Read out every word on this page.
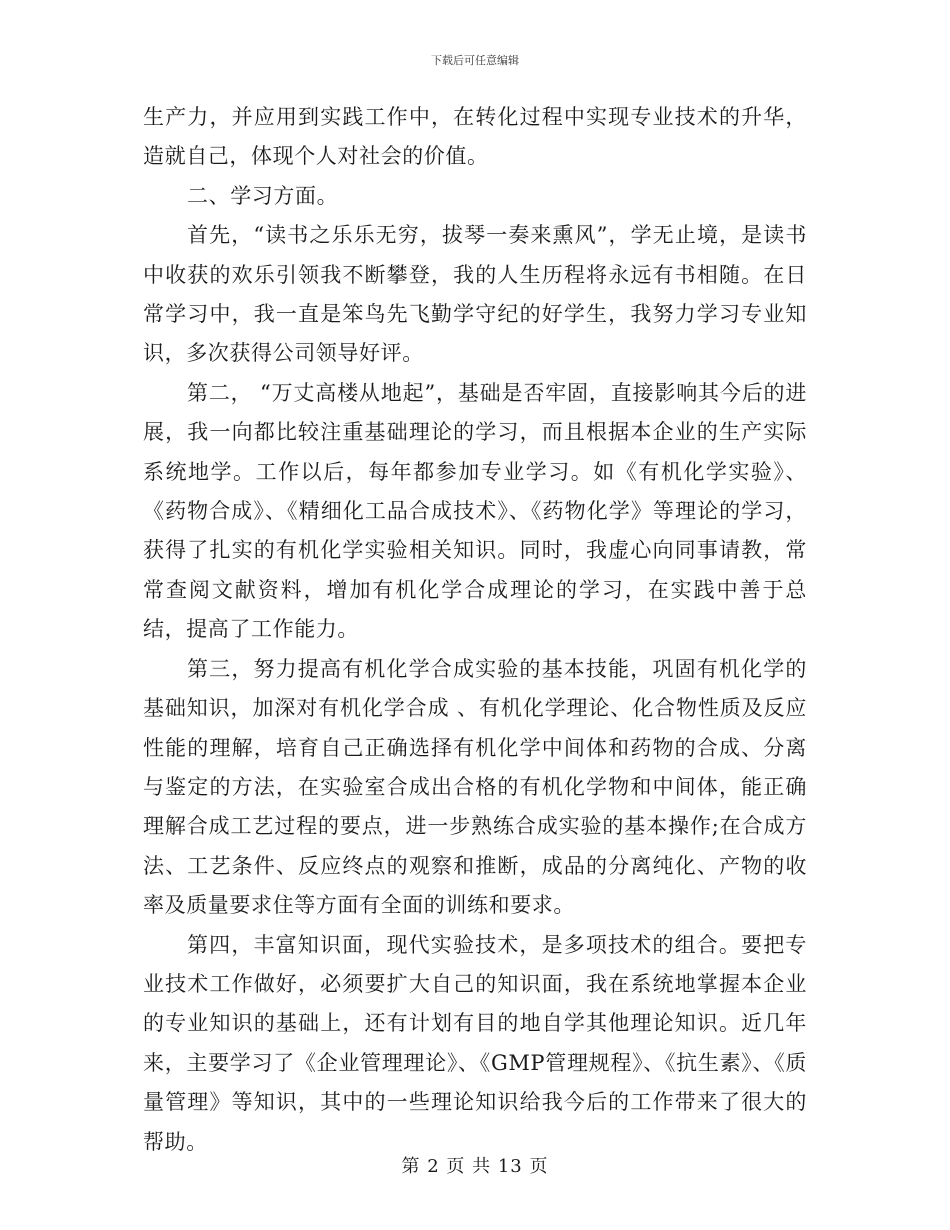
下载后可任意编辑

生产力，并应用到实践工作中，在转化过程中实现专业技术的升华，造就自己，体现个人对社会的价值。

二、学习方面。

首先，“读书之乐乐无穷，拔琴一奏来熏风”，学无止境，是读书中收获的欢乐引领我不断攀登，我的人生历程将永远有书相随。在日常学习中，我一直是笨鸟先飞勤学守纪的好学生，我努力学习专业知识，多次获得公司领导好评。

第二， “万丈高楼从地起”，基础是否牢固，直接影响其今后的进展，我一向都比较注重基础理论的学习，而且根据本企业的生产实际系统地学。工作以后，每年都参加专业学习。如《有机化学实验》、《药物合成》、《精细化工品合成技术》、《药物化学》等理论的学习，获得了扎实的有机化学实验相关知识。同时，我虚心向同事请教，常常查阅文献资料，增加有机化学合成理论的学习，在实践中善于总结，提高了工作能力。

第三，努力提高有机化学合成实验的基本技能，巩固有机化学的基础知识，加深对有机化学合成 、有机化学理论、化合物性质及反应性能的理解，培育自己正确选择有机化学中间体和药物的合成、分离与鉴定的方法，在实验室合成出合格的有机化学物和中间体，能正确理解合成工艺过程的要点，进一步熟练合成实验的基本操作;在合成方法、工艺条件、反应终点的观察和推断，成品的分离纯化、产物的收率及质量要求住等方面有全面的训练和要求。

第四，丰富知识面，现代实验技术，是多项技术的组合。要把专业技术工作做好，必须要扩大自己的知识面，我在系统地掌握本企业的专业知识的基础上，还有计划有目的地自学其他理论知识。近几年来，主要学习了《企业管理理论》、《GMP管理规程》、《抗生素》、《质量管理》等知识，其中的一些理论知识给我今后的工作带来了很大的帮助。

第 2 页 共 13 页
